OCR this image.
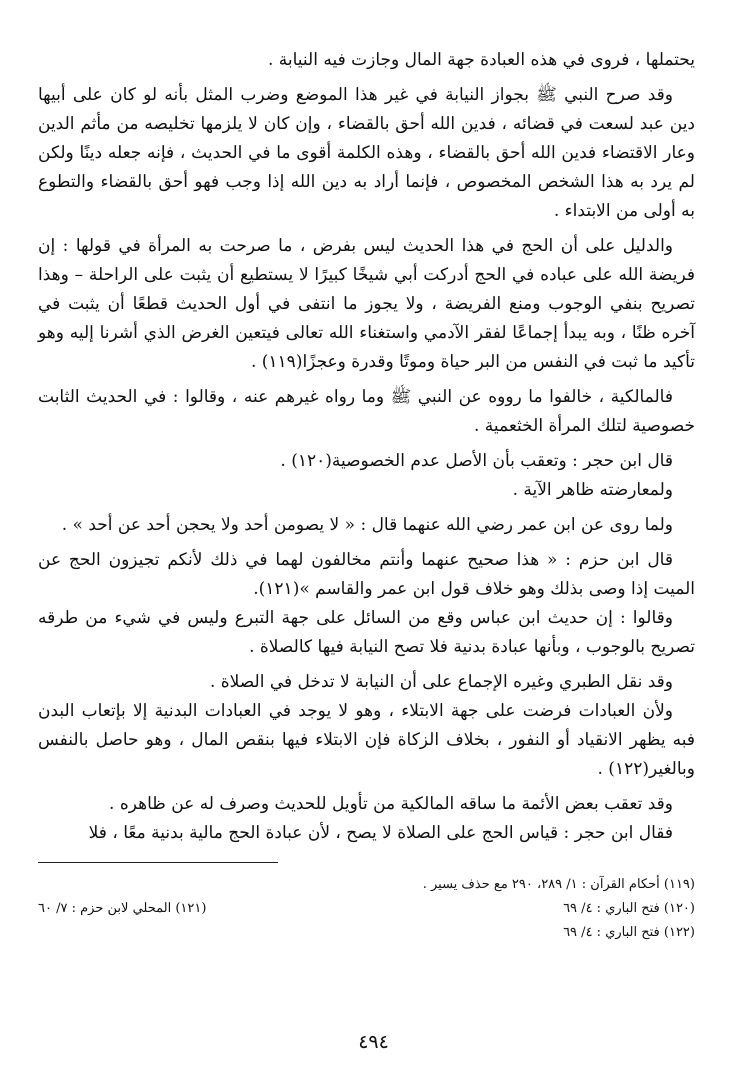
يحتملها ، فروى في هذه العبادة جهة المال وجازت فيه النيابة .

وقد صرح النبي ﷺ بجواز النيابة في غير هذا الموضع وضرب المثل بأنه لو كان على أبيها دين عبد لسعت في قضائه ، فدين الله أحق بالقضاء ، وإن كان لا يلزمها تخليصه من مأثم الدين وعار الاقتضاء فدين الله أحق بالقضاء ، وهذه الكلمة أقوى ما في الحديث ، فإنه جعله دينًا ولكن لم يرد به هذا الشخص المخصوص ، فإنما أراد به دين الله إذا وجب فهو أحق بالقضاء والتطوع به أولى من الابتداء .

والدليل على أن الحج في هذا الحديث ليس بفرض ، ما صرحت به المرأة في قولها : إن فريضة الله على عباده في الحج أدركت أبي شيخًا كبيرًا لا يستطيع أن يثبت على الراحلة – وهذا تصريح بنفي الوجوب ومنع الفريضة ، ولا يجوز ما انتفى في أول الحديث قطعًا أن يثبت في آخره ظنًا ، وبه يبدأ إجماعًا لفقر الآدمي واستغناء الله تعالى فيتعين الغرض الذي أشرنا إليه وهو تأكيد ما ثبت في النفس من البر حياة وموتًا وقدرة وعجزًا(١١٩) .

فالمالكية ، خالفوا ما رووه عن النبي ﷺ وما رواه غيرهم عنه ، وقالوا : في الحديث الثابت خصوصية لتلك المرأة الخثعمية .

قال ابن حجر : وتعقب بأن الأصل عدم الخصوصية(١٢٠) .

ولمعارضته ظاهر الآية .

ولما روى عن ابن عمر رضي الله عنهما قال : « لا يصومن أحد ولا يحجن أحد عن أحد » .

قال ابن حزم : « هذا صحيح عنهما وأنتم مخالفون لهما في ذلك لأنكم تجيزون الحج عن الميت إذا وصى بذلك وهو خلاف قول ابن عمر والقاسم »(١٢١).

وقالوا : إن حديث ابن عباس وقع من السائل على جهة التبرع وليس في شيء من طرقه تصريح بالوجوب ، وبأنها عبادة بدنية فلا تصح النيابة فيها كالصلاة .

وقد نقل الطبري وغيره الإجماع على أن النيابة لا تدخل في الصلاة .

ولأن العبادات فرضت على جهة الابتلاء ، وهو لا يوجد في العبادات البدنية إلا بإتعاب البدن فبه يظهر الانقياد أو النفور ، بخلاف الزكاة فإن الابتلاء فيها بنقص المال ، وهو حاصل بالنفس وبالغير(١٢٢) .

وقد تعقب بعض الأئمة ما ساقه المالكية من تأويل للحديث وصرف له عن ظاهره .

فقال ابن حجر : قياس الحج على الصلاة لا يصح ، لأن عبادة الحج مالية بدنية معًا ، فلا

(١١٩) أحكام القرآن : ١/ ٢٨٩، ٢٩٠ مع حذف يسير .
(١٢٠) فتح الباري : ٤/ ٦٩
(١٢١) المحلي لابن حزم : ٧/ ٦٠
(١٢٢) فتح الباري : ٤/ ٦٩
٤٩٤
